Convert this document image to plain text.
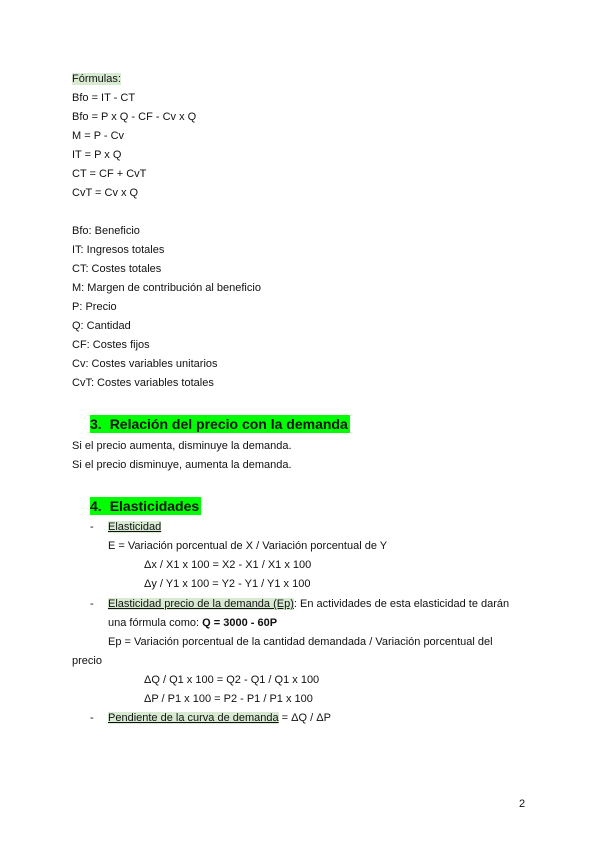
Fórmulas:
Bfo = IT - CT
Bfo = P x Q - CF - Cv x Q
M = P - Cv
IT = P x Q
CT = CF + CvT
CvT = Cv x Q
Bfo: Beneficio
IT: Ingresos totales
CT: Costes totales
M: Margen de contribución al beneficio
P: Precio
Q: Cantidad
CF: Costes fijos
Cv: Costes variables unitarios
CvT: Costes variables totales
3. Relación del precio con la demanda
Si el precio aumenta, disminuye la demanda.
Si el precio disminuye, aumenta la demanda.
4. Elasticidades
- Elasticidad
E = Variación porcentual de X / Variación porcentual de Y
Δx / X1 x 100 = X2 - X1 / X1 x 100
Δy / Y1 x 100 = Y2 - Y1 / Y1 x 100
- Elasticidad precio de la demanda (Ep): En actividades de esta elasticidad te darán
una fórmula como: Q = 3000 - 60P
Ep = Variación porcentual de la cantidad demandada / Variación porcentual del
precio
ΔQ / Q1 x 100 = Q2 - Q1 / Q1 x 100
ΔP / P1 x 100 = P2 - P1 / P1 x 100
- Pendiente de la curva de demanda = ΔQ / ΔP
2
